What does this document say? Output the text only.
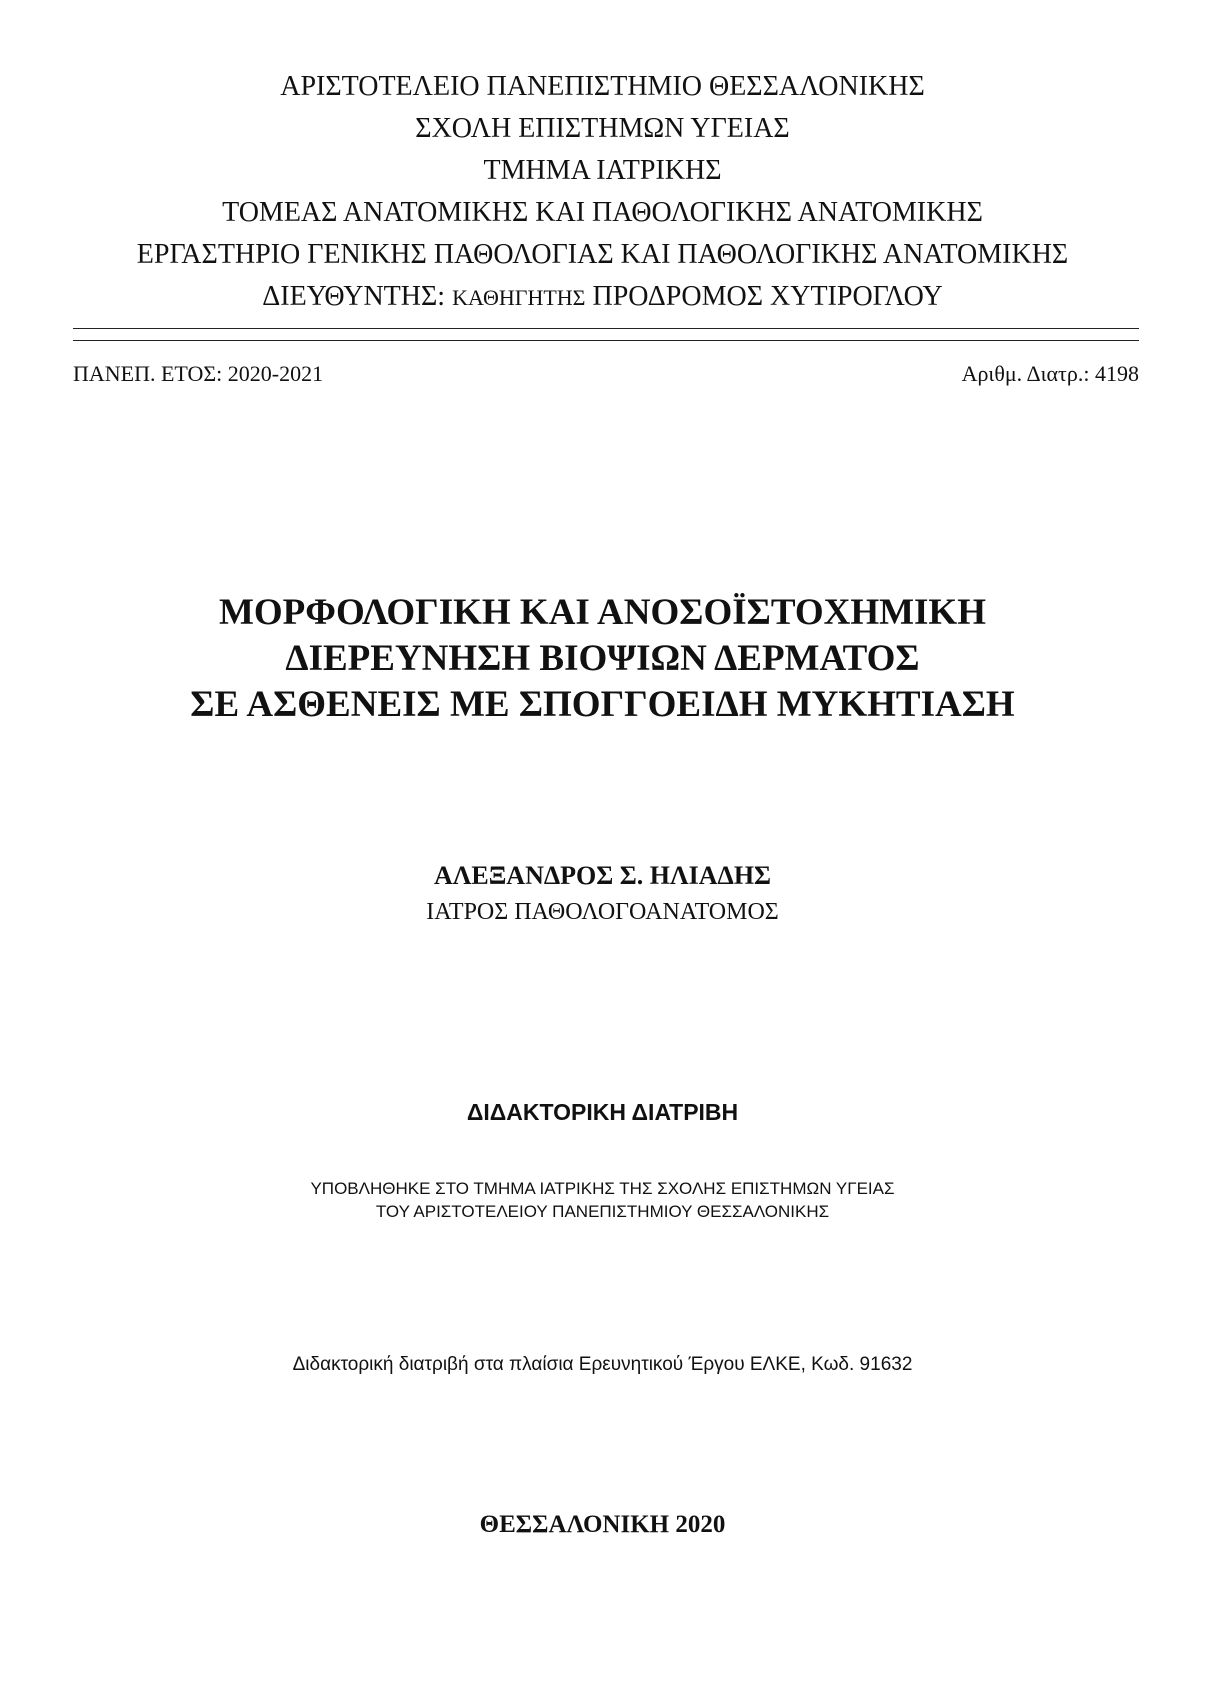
ΑΡΙΣΤΟΤΕΛΕΙΟ ΠΑΝΕΠΙΣΤΗΜΙΟ ΘΕΣΣΑΛΟΝΙΚΗΣ
ΣΧΟΛΗ ΕΠΙΣΤΗΜΩΝ ΥΓΕΙΑΣ
ΤΜΗΜΑ ΙΑΤΡΙΚΗΣ
ΤΟΜΕΑΣ ΑΝΑΤΟΜΙΚΗΣ ΚΑΙ ΠΑΘΟΛΟΓΙΚΗΣ ΑΝΑΤΟΜΙΚΗΣ
ΕΡΓΑΣΤΗΡΙΟ ΓΕΝΙΚΗΣ ΠΑΘΟΛΟΓΙΑΣ ΚΑΙ ΠΑΘΟΛΟΓΙΚΗΣ ΑΝΑΤΟΜΙΚΗΣ
ΔΙΕΥΘΥΝΤΗΣ: ΚΑΘΗΓΗΤΗΣ ΠΡΟΔΡΟΜΟΣ ΧΥΤΙΡΟΓΛΟΥ
ΠΑΝΕΠ. ΕΤΟΣ: 2020-2021	Αριθμ. Διατρ.: 4198
ΜΟΡΦΟΛΟΓΙΚΗ ΚΑΙ ΑΝΟΣΟΪΣΤΟΧΗΜΙΚΗ
ΔΙΕΡΕΥΝΗΣΗ ΒΙΟΨΙΩΝ ΔΕΡΜΑΤΟΣ
ΣΕ ΑΣΘΕΝΕΙΣ ΜΕ ΣΠΟΓΓΟΕΙΔΗ ΜΥΚΗΤΙΑΣΗ
ΑΛΕΞΑΝΔΡΟΣ Σ. ΗΛΙΑΔΗΣ
ΙΑΤΡΟΣ ΠΑΘΟΛΟΓΟΑΝΑΤΟΜΟΣ
ΔΙΔΑΚΤΟΡΙΚΗ ΔΙΑΤΡΙΒΗ
ΥΠΟΒΛΗΘΗΚΕ ΣΤΟ ΤΜΗΜΑ ΙΑΤΡΙΚΗΣ ΤΗΣ ΣΧΟΛΗΣ ΕΠΙΣΤΗΜΩΝ ΥΓΕΙΑΣ
ΤΟΥ ΑΡΙΣΤΟΤΕΛΕΙΟΥ ΠΑΝΕΠΙΣΤΗΜΙΟΥ ΘΕΣΣΑΛΟΝΙΚΗΣ
Διδακτορική διατριβή στα πλαίσια Ερευνητικού Έργου ΕΛΚΕ, Κωδ. 91632
ΘΕΣΣΑΛΟΝΙΚΗ 2020
